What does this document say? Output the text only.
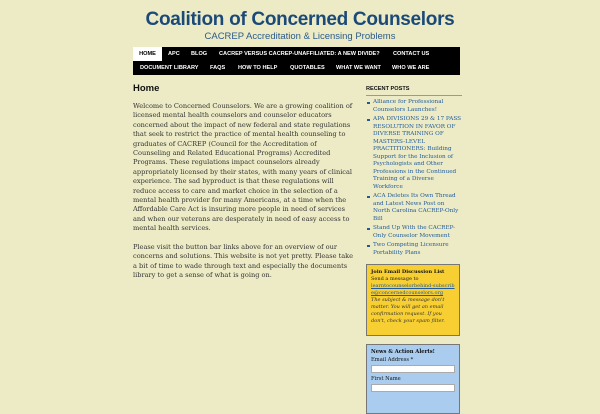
Coalition of Concerned Counselors
CACREP Accreditation & Licensing Problems
HOME	APC BLOG CACREP VERSUS CACREP-UNAFFILIATED: A NEW DIVIDE? CONTACT US
DOCUMENT LIBRARY FAQS HOW TO HELP QUOTABLES WHAT WE WANT WHO WE ARE
Home

Welcome to Concerned Counselors. We are a growing coalition of licensed mental health counselors and counselor educators concerned about the impact of new federal and state regulations that seek to restrict the practice of mental health counseling to graduates of CACREP (Council for the Accreditation of Counseling and Related Educational Programs) Accredited Programs. These regulations impact counselors already appropriately licensed by their states, with many years of clinical experience. The sad byproduct is that these regulations will reduce access to care and market choice in the selection of a mental health provider for many Americans, at a time when the Affordable Care Act is insuring more people in need of services and when our veterans are desperately in need of easy access to mental health services.

Please visit the button bar links above for an overview of our concerns and solutions. This website is not yet pretty. Please take a bit of time to wade through text and especially the documents library to get a sense of what is going on.

RECENT POSTS
Alliance for Professional Counselors Launches!
APA DIVISIONS 29 & 17 PASS RESOLUTION IN FAVOR OF DIVERSE TRAINING OF MASTERS-LEVEL PRACTITIONERS: Building Support for the Inclusion of Psychologists and Other Professions in the Continued Training of a Diverse Workforce
ACA Deletes Its Own Thread and Latest News Post on North Carolina CACREP-Only Bill
Stand Up With the CACREP-Only Counselor Movement
Two Competing Licensure Portability Plans
Join Email Discussion List
Send a message to
learntocounselorbehind-subscribe@concernedcounselors.org
The subject & message don't matter. You will get an email confirmation request. If you don't, check your spam filter.
News & Action Alerts!
Email Address *
First Name
